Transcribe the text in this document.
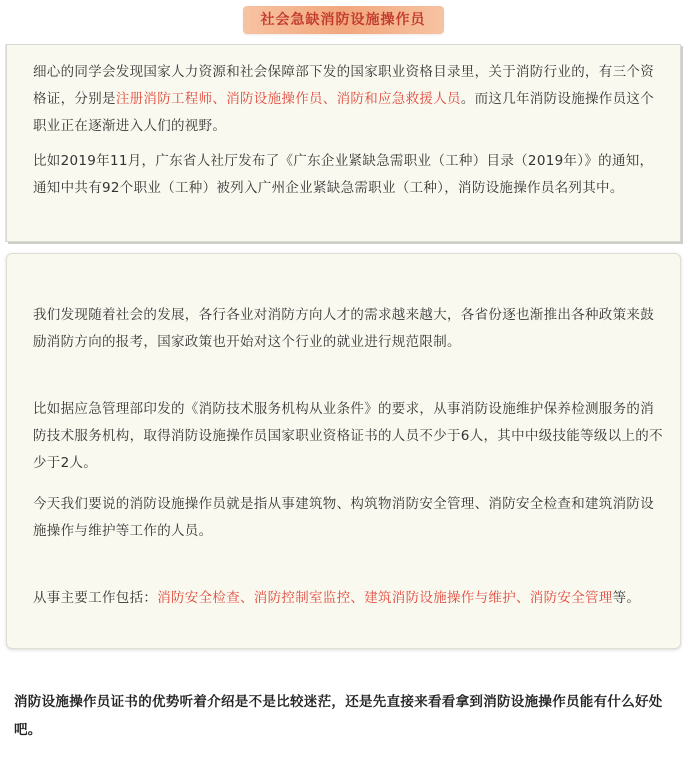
社会急缺消防设施操作员

细心的同学会发现国家人力资源和社会保障部下发的国家职业资格目录里，关于消防行业的，有三个资格证，分别是注册消防工程师、消防设施操作员、消防和应急救援人员。而这几年消防设施操作员这个职业正在逐渐进入人们的视野。

比如2019年11月，广东省人社厅发布了《广东企业紧缺急需职业（工种）目录（2019年）》的通知，通知中共有92个职业（工种）被列入广州企业紧缺急需职业（工种），消防设施操作员名列其中。

我们发现随着社会的发展，各行各业对消防方向人才的需求越来越大，各省份逐也渐推出各种政策来鼓励消防方向的报考，国家政策也开始对这个行业的就业进行规范限制。

比如据应急管理部印发的《消防技术服务机构从业条件》的要求，从事消防设施维护保养检测服务的消防技术服务机构，取得消防设施操作员国家职业资格证书的人员不少于6人，其中中级技能等级以上的不少于2人。

今天我们要说的消防设施操作员就是指从事建筑物、构筑物消防安全管理、消防安全检查和建筑消防设施操作与维护等工作的人员。

从事主要工作包括：消防安全检查、消防控制室监控、建筑消防设施操作与维护、消防安全管理等。

消防设施操作员证书的优势听着介绍是不是比较迷茫，还是先直接来看看拿到消防设施操作员能有什么好处吧。
